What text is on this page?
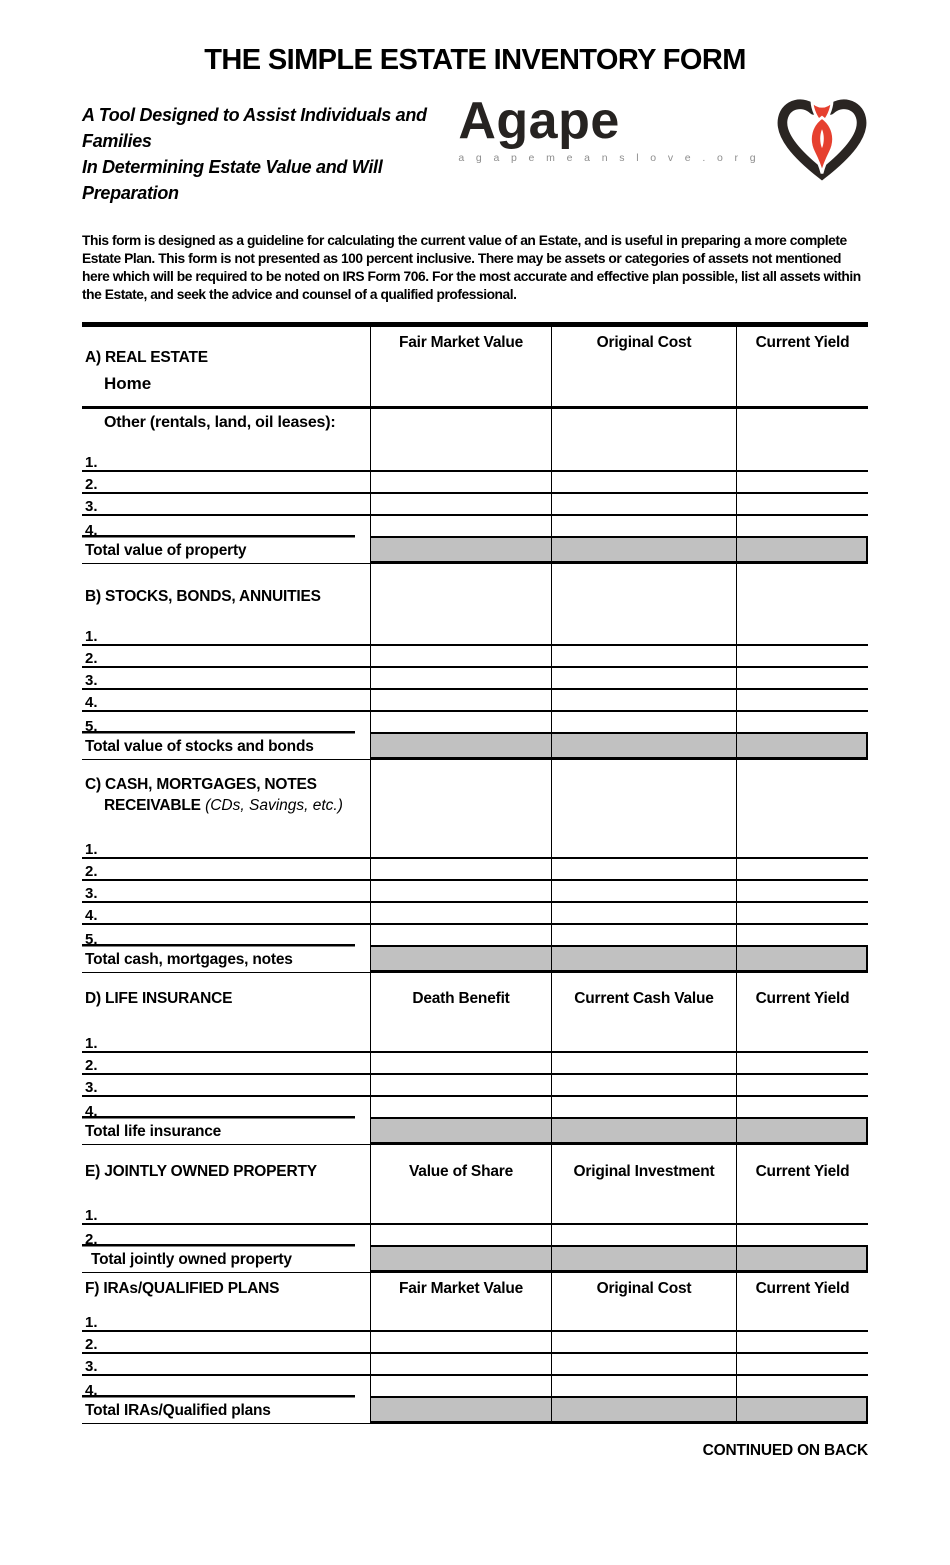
THE SIMPLE ESTATE INVENTORY FORM
A Tool Designed to Assist Individuals and Families
In Determining Estate Value and Will Preparation
Agape
a g a p e m e a n s l o v e . o r g
This form is designed as a guideline for calculating the current value of an Estate, and is useful in preparing a more complete Estate Plan. This form is not presented as 100 percent inclusive. There may be assets or categories of assets not mentioned here which will be required to be noted on IRS Form 706. For the most accurate and effective plan possible, list all assets within the Estate, and seek the advice and counsel of a qualified professional.
A) REAL ESTATE
Home
Fair Market Value	Original Cost	Current Yield
Other (rentals, land, oil leases):
1.
2.
3.
4.
Total value of property
B) STOCKS, BONDS, ANNUITIES
1.
2.
3.
4.
5.
Total value of stocks and bonds
C) CASH, MORTGAGES, NOTES
RECEIVABLE (CDs, Savings, etc.)
1.
2.
3.
4.
5.
Total cash, mortgages, notes
D) LIFE INSURANCE	Death Benefit	Current Cash Value	Current Yield
1.
2.
3.
4.
Total life insurance
E) JOINTLY OWNED PROPERTY	Value of Share	Original Investment	Current Yield
1.
2.
Total jointly owned property
F) IRAs/QUALIFIED PLANS	Fair Market Value	Original Cost	Current Yield
1.
2.
3.
4.
Total IRAs/Qualified plans
CONTINUED ON BACK
